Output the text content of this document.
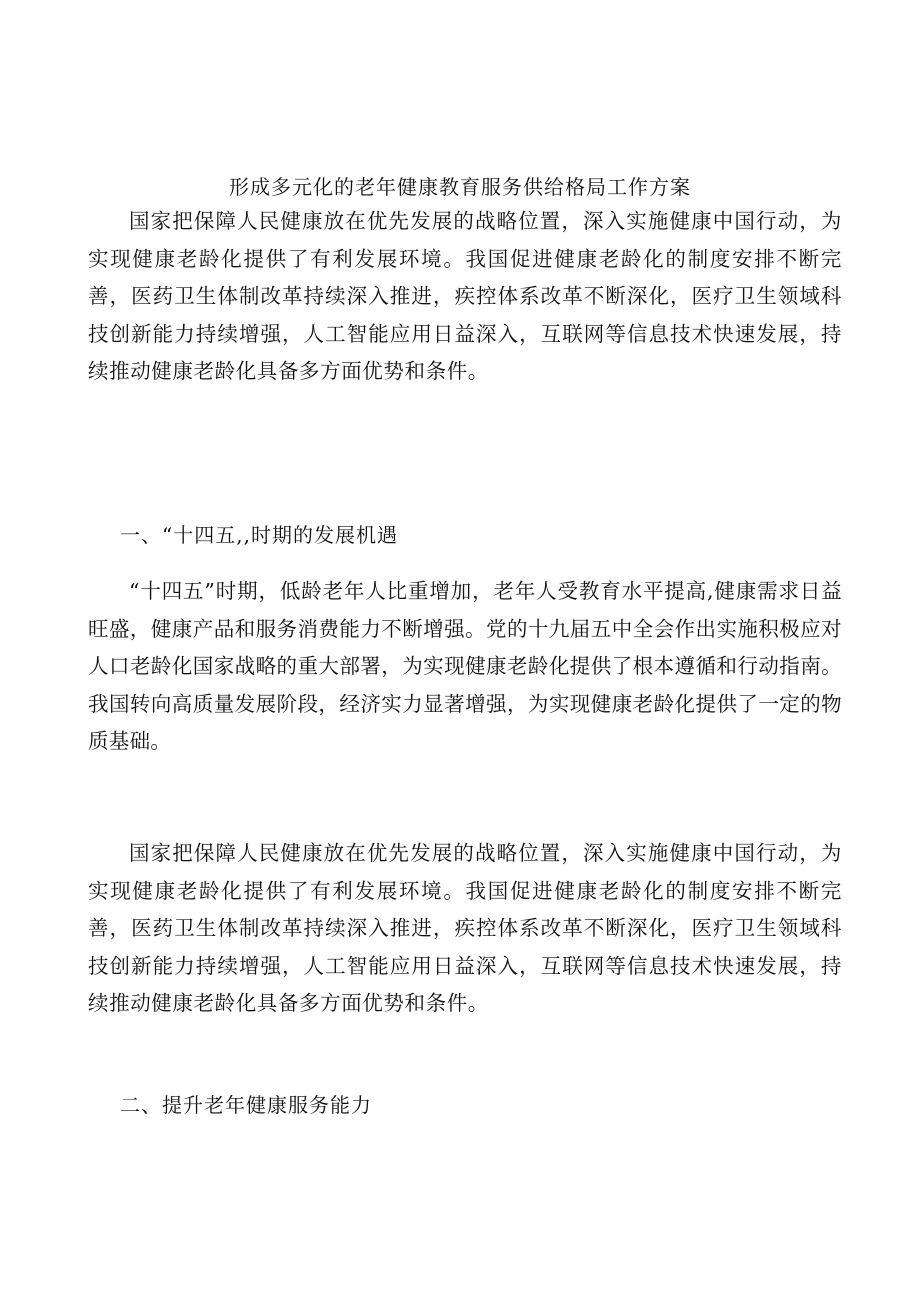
形成多元化的老年健康教育服务供给格局工作方案

国家把保障人民健康放在优先发展的战略位置，深入实施健康中国行动，为实现健康老龄化提供了有利发展环境。我国促进健康老龄化的制度安排不断完善，医药卫生体制改革持续深入推进，疾控体系改革不断深化，医疗卫生领域科技创新能力持续增强，人工智能应用日益深入，互联网等信息技术快速发展，持续推动健康老龄化具备多方面优势和条件。

一、“十四五,,时期的发展机遇

“十四五”时期，低龄老年人比重增加，老年人受教育水平提高,健康需求日益旺盛，健康产品和服务消费能力不断增强。党的十九届五中全会作出实施积极应对人口老龄化国家战略的重大部署，为实现健康老龄化提供了根本遵循和行动指南。我国转向高质量发展阶段，经济实力显著增强，为实现健康老龄化提供了一定的物质基础。

国家把保障人民健康放在优先发展的战略位置，深入实施健康中国行动，为实现健康老龄化提供了有利发展环境。我国促进健康老龄化的制度安排不断完善，医药卫生体制改革持续深入推进，疾控体系改革不断深化，医疗卫生领域科技创新能力持续增强，人工智能应用日益深入，互联网等信息技术快速发展，持续推动健康老龄化具备多方面优势和条件。

二、提升老年健康服务能力
